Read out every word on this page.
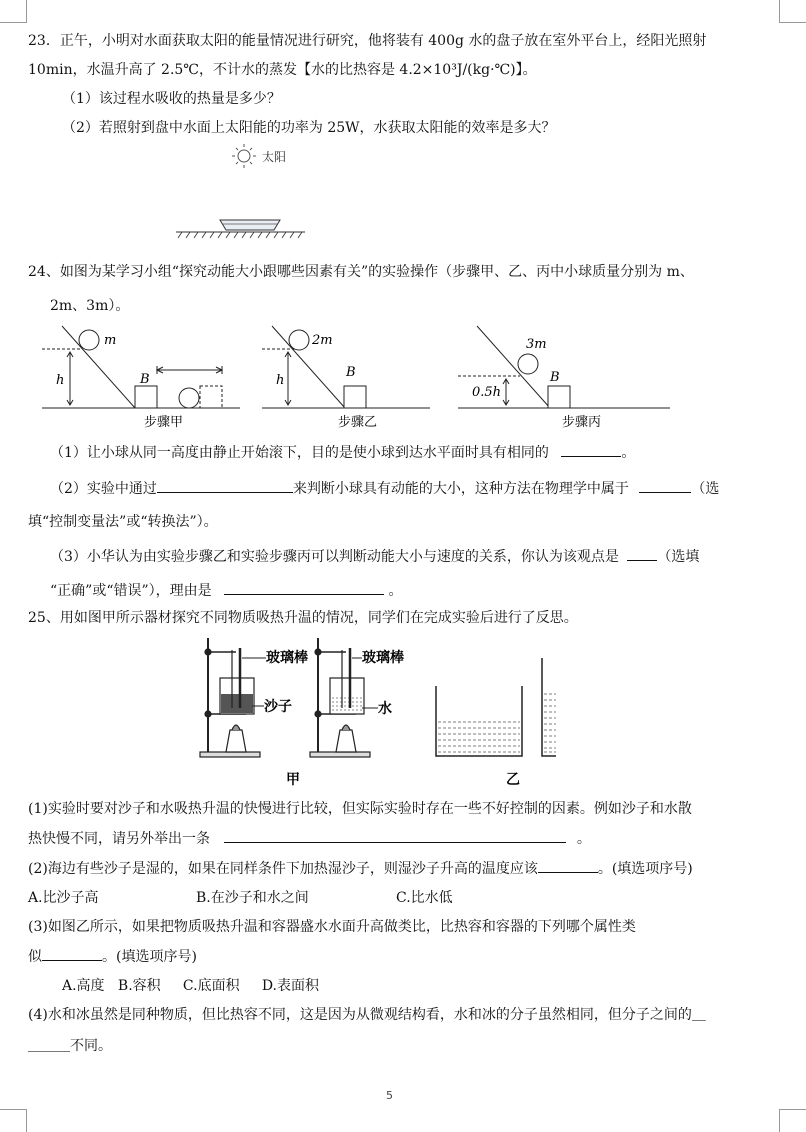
23．正午，小明对水面获取太阳的能量情况进行研究，他将装有 400g 水的盘子放在室外平台上，经阳光照射
10min，水温升高了 2.5℃，不计水的蒸发【水的比热容是 4.2×10³J/(kg·℃)】。
（1）该过程水吸收的热量是多少？
（2）若照射到盘中水面上太阳能的功率为 25W，水获取太阳能的效率是多大？
太阳
24、如图为某学习小组“探究动能大小跟哪些因素有关”的实验操作（步骤甲、乙、丙中小球质量分别为 m、
2m、3m）。
m
B
h
步骤甲
2m
B
h
步骤乙
3m
B
0.5h
步骤丙
（1）让小球从同一高度由静止开始滚下，目的是使小球到达水平面时具有相同的	。
（2）实验中通过	来判断小球具有动能的大小，这种方法在物理学中属于	（选
填“控制变量法”或“转换法”）。
（3）小华认为由实验步骤乙和实验步骤丙可以判断动能大小与速度的关系，你认为该观点是	（选填
“正确”或“错误”），理由是	。
25、用如图甲所示器材探究不同物质吸热升温的情况，同学们在完成实验后进行了反思。
玻璃棒
沙子
玻璃棒
水
甲	乙
(1)实验时要对沙子和水吸热升温的快慢进行比较，但实际实验时存在一些不好控制的因素。例如沙子和水散
热快慢不同，请另外举出一条	。
(2)海边有些沙子是湿的，如果在同样条件下加热湿沙子，则湿沙子升高的温度应该	。(填选项序号)
A.比沙子高	B.在沙子和水之间	C.比水低
(3)如图乙所示，如果把物质吸热升温和容器盛水水面升高做类比，比热容和容器的下列哪个属性类
似	。(填选项序号)
A.高度   B.容积     C.底面积     D.表面积
(4)水和冰虽然是同种物质，但比热容不同，这是因为从微观结构看，水和冰的分子虽然相同，但分子之间的＿
＿＿＿不同。
5
